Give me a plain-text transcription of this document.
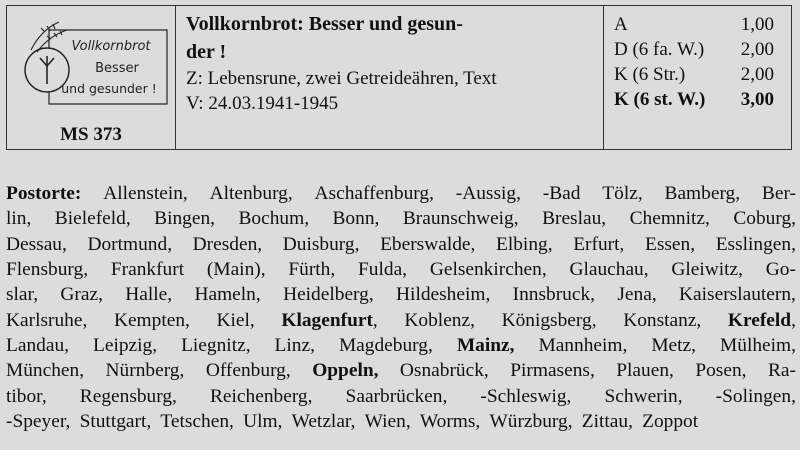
Vollkornbrot
Besser
und gesunder !
MS 373

Vollkornbrot: Besser und gesun-

der !

Z: Lebensrune, zwei Getreideähren, Text

V: 24.03.1941-1945

A	1,00
D (6 fa. W.) 2,00
K (6 Str.)	2,00
K (6 st. W.) 3,00
Postorte: Allenstein, Altenburg, Aschaffenburg, -Aussig, -Bad Tölz, Bamberg, Ber-
lin, Bielefeld, Bingen, Bochum, Bonn, Braunschweig, Breslau, Chemnitz, Coburg,
Dessau, Dortmund, Dresden, Duisburg, Eberswalde, Elbing, Erfurt, Essen, Esslingen,
Flensburg, Frankfurt (Main), Fürth, Fulda, Gelsenkirchen, Glauchau, Gleiwitz, Go-
slar, Graz, Halle, Hameln, Heidelberg, Hildesheim, Innsbruck, Jena, Kaiserslautern,
Karlsruhe, Kempten, Kiel, Klagenfurt, Koblenz, Königsberg, Konstanz, Krefeld,
Landau, Leipzig, Liegnitz, Linz, Magdeburg, Mainz, Mannheim, Metz, Mülheim,
München, Nürnberg, Offenburg, Oppeln, Osnabrück, Pirmasens, Plauen, Posen, Ra-
tibor, Regensburg, Reichenberg, Saarbrücken, -Schleswig, Schwerin, -Solingen,
-Speyer, Stuttgart, Tetschen, Ulm, Wetzlar, Wien, Worms, Würzburg, Zittau, Zoppot
